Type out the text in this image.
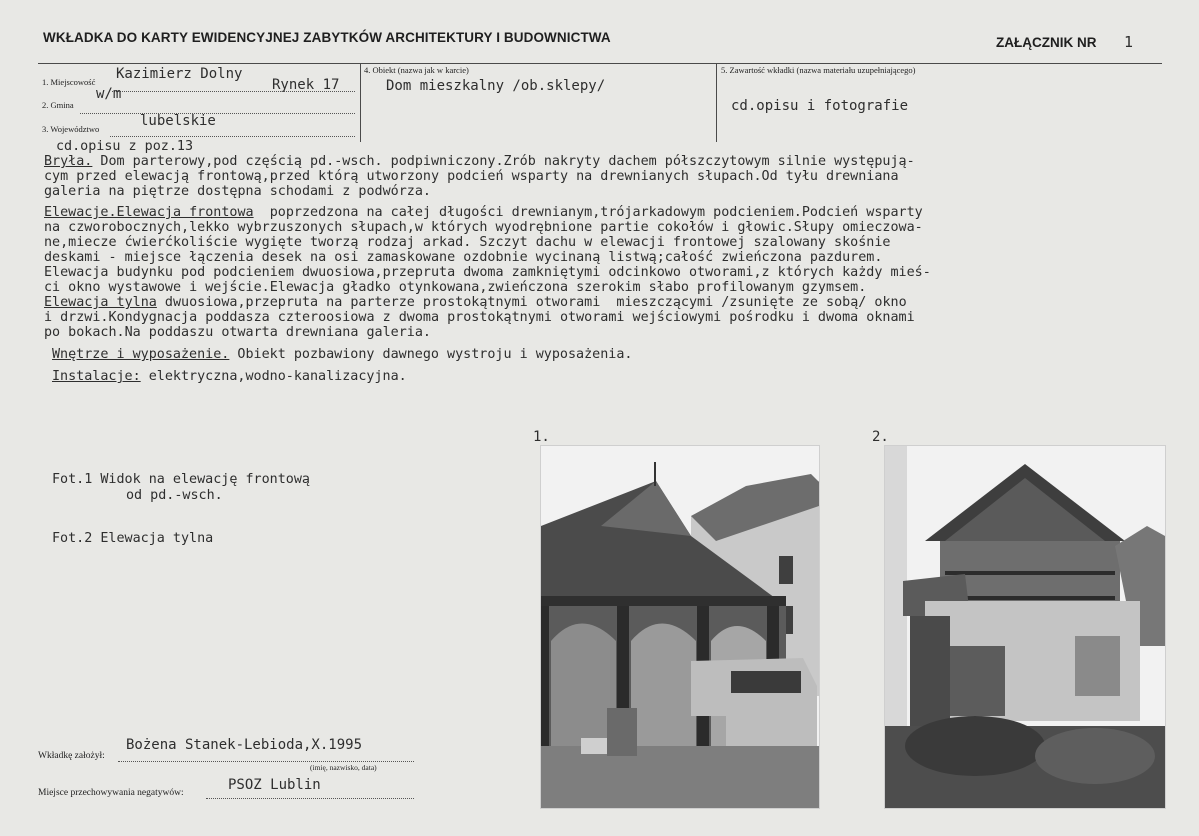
WKŁADKA DO KARTY EWIDENCYJNEJ ZABYTKÓW ARCHITEKTURY I BUDOWNICTWA	ZAŁĄCZNIK NR 1
1. Miejscowość Kazimierz Dolny
Rynek 17
2. Gmina
w/m
3. Województwo	lubelskie
4. Obiekt (nazwa jak w karcie)
Dom mieszkalny /ob.sklepy/
5. Zawartość wkładki (nazwa materiału uzupełniającego)
cd.opisu i fotografie

cd.opisu z poz.13

Bryła. Dom parterowy,pod częścią pd.-wsch. podpiwniczony.Zrób nakryty dachem półszczytowym silnie występują-

cym przed elewacją frontową,przed którą utworzony podcień wsparty na drewnianych słupach.Od tyłu drewniana

galeria na piętrze dostępna schodami z podwórza.

Elewacje.Elewacja frontowa  poprzedzona na całej długości drewnianym,trójarkadowym podcieniem.Podcień wsparty

na czworobocznych,lekko wybrzuszonych słupach,w których wyodrębnione partie cokołów i głowic.Słupy omieczowa-

ne,miecze ćwierćkoliście wygięte tworzą rodzaj arkad. Szczyt dachu w elewacji frontowej szalowany skośnie

deskami - miejsce łączenia desek na osi zamaskowane ozdobnie wycinaną listwą;całość zwieńczona pazdurem.

Elewacja budynku pod podcieniem dwuosiowa,przepruta dwoma zamkniętymi odcinkowo otworami,z których każdy mieś-

ci okno wystawowe i wejście.Elewacja gładko otynkowana,zwieńczona szerokim słabo profilowanym gzymsem.

Elewacja tylna dwuosiowa,przepruta na parterze prostokątnymi otworami  mieszczącymi /zsunięte ze sobą/ okno

i drzwi.Kondygnacja poddasza czteroosiowa z dwoma prostokątnymi otworami wejściowymi pośrodku i dwoma oknami

po bokach.Na poddaszu otwarta drewniana galeria.

Wnętrze i wyposażenie. Obiekt pozbawiony dawnego wystroju i wyposażenia.

Instalacje: elektryczna,wodno-kanalizacyjna.

Fot.1 Widok na elewację frontową
od pd.-wsch.
Fot.2 Elewacja tylna
1.	2.
Wkładkę założył:
Bożena Stanek-Lebioda,X.1995
(imię, nazwisko, data)
Miejsce przechowywania negatywów:	PSOZ Lublin
